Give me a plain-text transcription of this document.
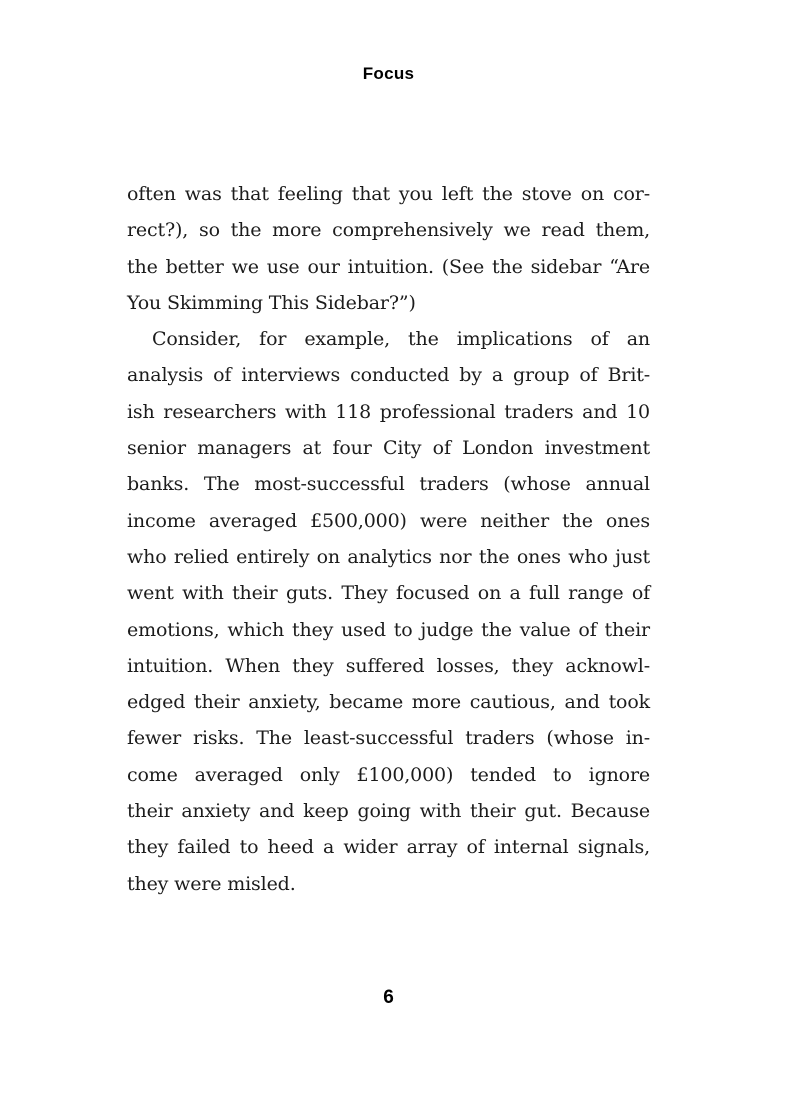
Focus
often was that feeling that you left the stove on cor-
rect?), so the more comprehensively we read them,
the better we use our intuition. (See the sidebar “Are
You Skimming This Sidebar?”)
Consider, for example, the implications of an
analysis of interviews conducted by a group of Brit-
ish researchers with 118 professional traders and 10
senior managers at four City of London investment
banks. The most-successful traders (whose annual
income averaged £500,000) were neither the ones
who relied entirely on analytics nor the ones who just
went with their guts. They focused on a full range of
emotions, which they used to judge the value of their
intuition. When they suffered losses, they acknowl-
edged their anxiety, became more cautious, and took
fewer risks. The least-successful traders (whose in-
come averaged only £100,000) tended to ignore
their anxiety and keep going with their gut. Because
they failed to heed a wider array of internal signals,
they were misled.
6
